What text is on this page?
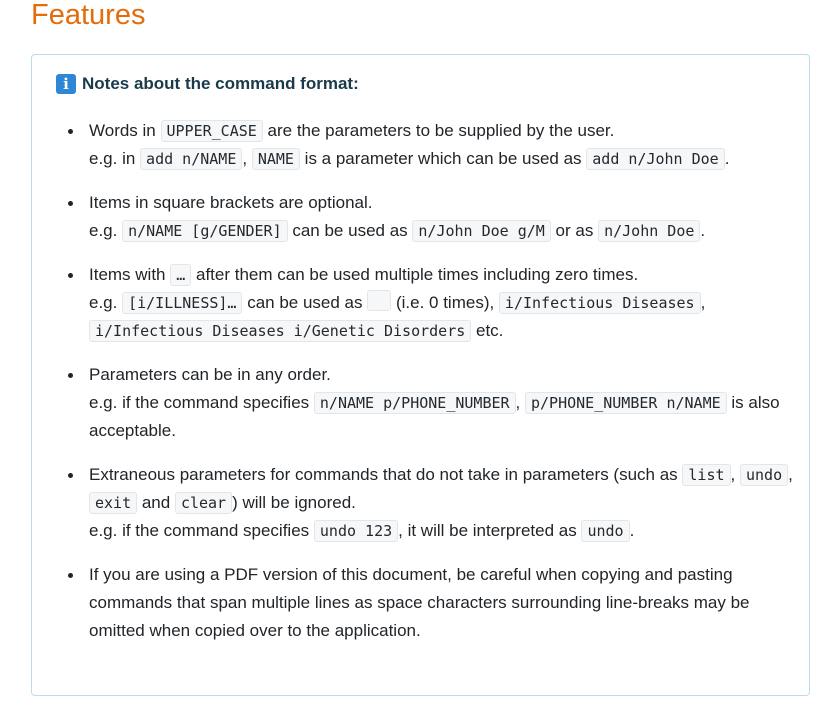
Features
i Notes about the command format:
Words in UPPER_CASE are the parameters to be supplied by the user.
e.g. in add n/NAME , NAME is a parameter which can be used as add n/John Doe .
Items in square brackets are optional.
e.g. n/NAME [g/GENDER] can be used as n/John Doe g/M or as n/John Doe .
Items with … after them can be used multiple times including zero times.
e.g. [i/ILLNESS]… can be used as  (i.e. 0 times), i/Infectious Diseases , i/Infectious Diseases i/Genetic Disorders etc.
Parameters can be in any order.
e.g. if the command specifies n/NAME p/PHONE_NUMBER , p/PHONE_NUMBER n/NAME is also acceptable.
Extraneous parameters for commands that do not take in parameters (such as list , undo , exit and clear ) will be ignored.
e.g. if the command specifies undo 123 , it will be interpreted as undo .
If you are using a PDF version of this document, be careful when copying and pasting commands that span multiple lines as space characters surrounding line-breaks may be omitted when copied over to the application.
